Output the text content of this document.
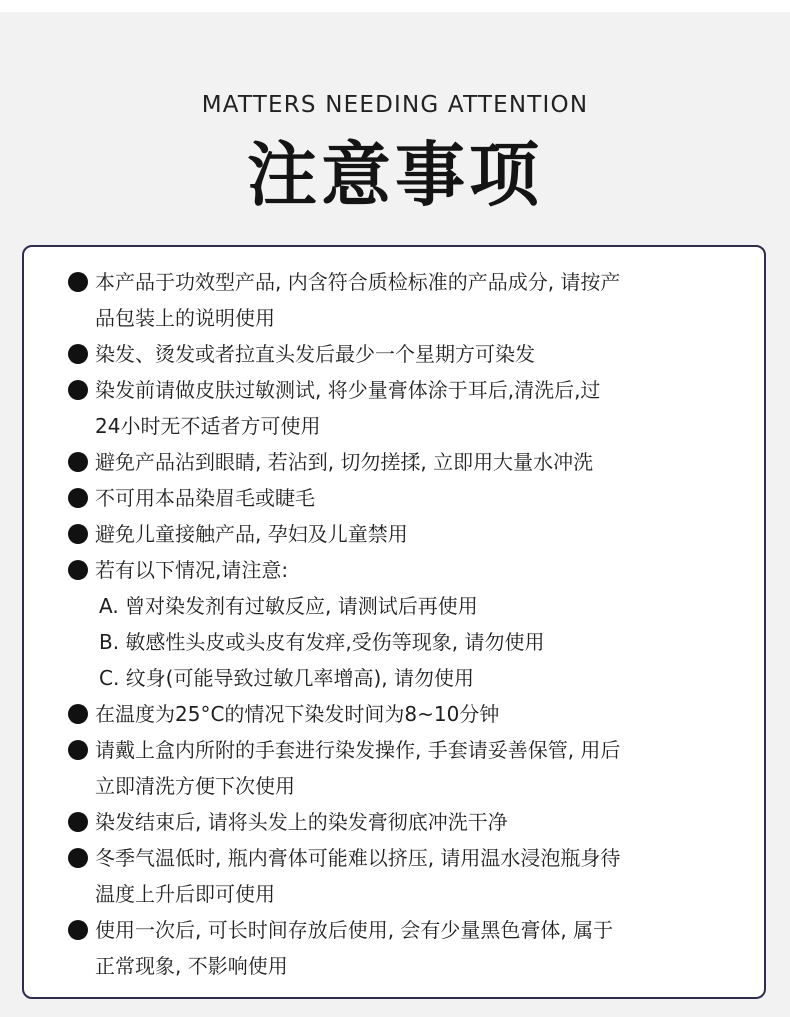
MATTERS NEEDING ATTENTION
注意事项
本产品于功效型产品, 内含符合质检标准的产品成分, 请按产
品包装上的说明使用
染发、烫发或者拉直头发后最少一个星期方可染发
染发前请做皮肤过敏测试, 将少量膏体涂于耳后,清洗后,过
24小时无不适者方可使用
避免产品沾到眼睛, 若沾到, 切勿搓揉, 立即用大量水冲洗
不可用本品染眉毛或睫毛
避免儿童接触产品, 孕妇及儿童禁用
若有以下情况,请注意:
A. 曾对染发剂有过敏反应, 请测试后再使用
B. 敏感性头皮或头皮有发痒,受伤等现象, 请勿使用
C. 纹身(可能导致过敏几率增高), 请勿使用
在温度为25°C的情况下染发时间为8~10分钟
请戴上盒内所附的手套进行染发操作, 手套请妥善保管, 用后
立即清洗方便下次使用
染发结束后, 请将头发上的染发膏彻底冲洗干净
冬季气温低时, 瓶内膏体可能难以挤压, 请用温水浸泡瓶身待
温度上升后即可使用
使用一次后, 可长时间存放后使用, 会有少量黑色膏体, 属于
正常现象, 不影响使用
